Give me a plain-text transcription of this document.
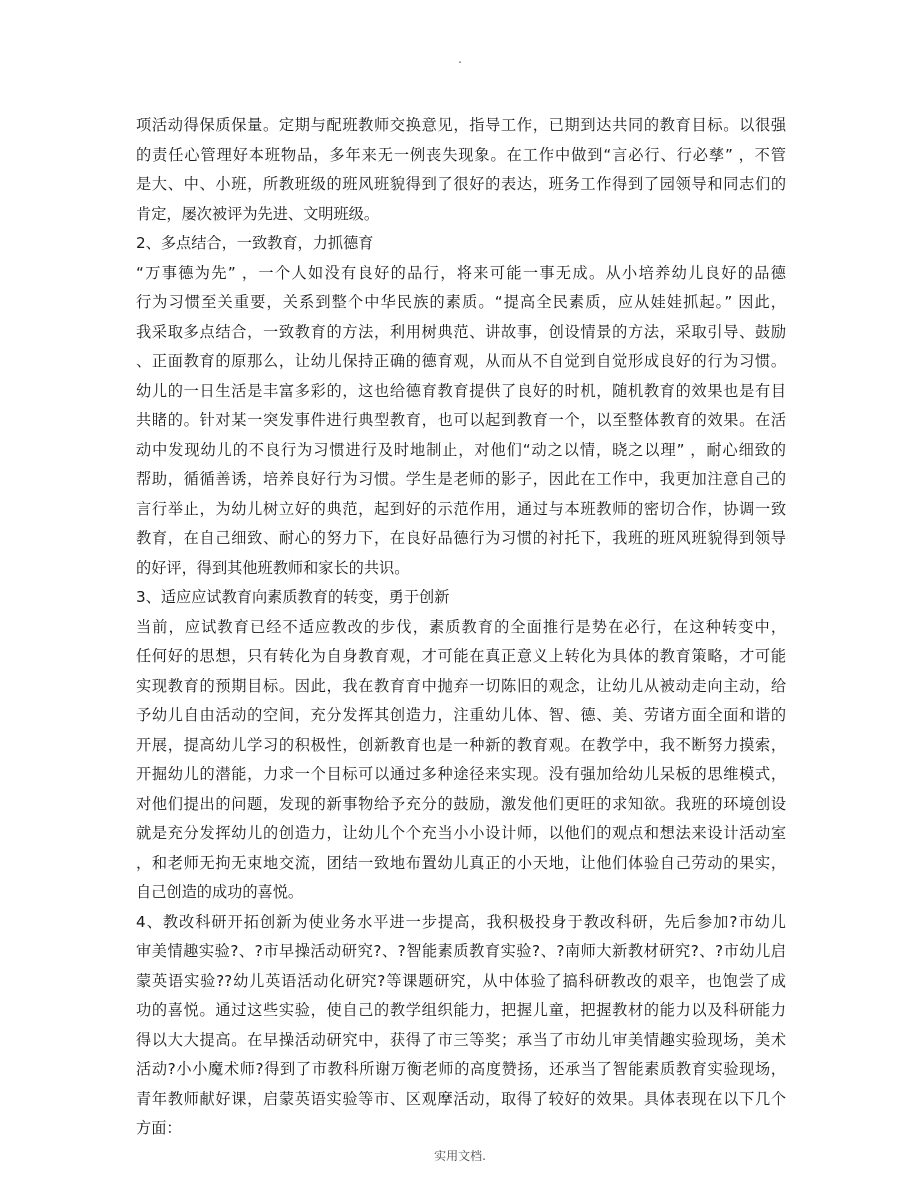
.
项活动得保质保量。定期与配班教师交换意见，指导工作，已期到达共同的教育目标。以很强
的责任心管理好本班物品，多年来无一例丧失现象。在工作中做到“言必行、行必孳” ，不管
是大、中、小班，所教班级的班风班貌得到了很好的表达，班务工作得到了园领导和同志们的
肯定，屡次被评为先进、文明班级。
2、多点结合，一致教育，力抓德育
“万事德为先” ，一个人如没有良好的品行，将来可能一事无成。从小培养幼儿良好的品德
行为习惯至关重要，关系到整个中华民族的素质。“提高全民素质，应从娃娃抓起。” 因此，
我采取多点结合，一致教育的方法，利用树典范、讲故事，创设情景的方法，采取引导、鼓励
、正面教育的原那么，让幼儿保持正确的德育观，从而从不自觉到自觉形成良好的行为习惯。
幼儿的一日生活是丰富多彩的，这也给德育教育提供了良好的时机，随机教育的效果也是有目
共睹的。针对某一突发事件进行典型教育，也可以起到教育一个，以至整体教育的效果。在活
动中发现幼儿的不良行为习惯进行及时地制止，对他们“动之以情，晓之以理” ，耐心细致的
帮助，循循善诱，培养良好行为习惯。学生是老师的影子，因此在工作中，我更加注意自己的
言行举止，为幼儿树立好的典范，起到好的示范作用，通过与本班教师的密切合作，协调一致
教育，在自己细致、耐心的努力下，在良好品德行为习惯的衬托下，我班的班风班貌得到领导
的好评，得到其他班教师和家长的共识。
3、适应应试教育向素质教育的转变，勇于创新
当前，应试教育已经不适应教改的步伐，素质教育的全面推行是势在必行，在这种转变中，
任何好的思想，只有转化为自身教育观，才可能在真正意义上转化为具体的教育策略，才可能
实现教育的预期目标。因此，我在教育育中抛弃一切陈旧的观念，让幼儿从被动走向主动，给
予幼儿自由活动的空间，充分发挥其创造力，注重幼儿体、智、德、美、劳诸方面全面和谐的
开展，提高幼儿学习的积极性，创新教育也是一种新的教育观。在教学中，我不断努力摸索，
开掘幼儿的潜能，力求一个目标可以通过多种途径来实现。没有强加给幼儿呆板的思维模式，
对他们提出的问题，发现的新事物给予充分的鼓励，激发他们更旺的求知欲。我班的环境创设
就是充分发挥幼儿的创造力，让幼儿个个充当小小设计师，以他们的观点和想法来设计活动室
，和老师无拘无束地交流，团结一致地布置幼儿真正的小天地，让他们体验自己劳动的果实，
自己创造的成功的喜悦。
4、教改科研开拓创新为使业务水平进一步提高，我积极投身于教改科研，先后参加?市幼儿
审美情趣实验?、?市早操活动研究?、?智能素质教育实验?、?南师大新教材研究?、?市幼儿启
蒙英语实验??幼儿英语活动化研究?等课题研究，从中体验了搞科研教改的艰辛，也饱尝了成
功的喜悦。通过这些实验，使自己的教学组织能力，把握儿童，把握教材的能力以及科研能力
得以大大提高。在早操活动研究中，获得了市三等奖；承当了市幼儿审美情趣实验现场，美术
活动?小小魔术师?得到了市教科所谢万衡老师的高度赞扬，还承当了智能素质教育实验现场，
青年教师献好课，启蒙英语实验等市、区观摩活动，取得了较好的效果。具体表现在以下几个
方面：
实用文档.
